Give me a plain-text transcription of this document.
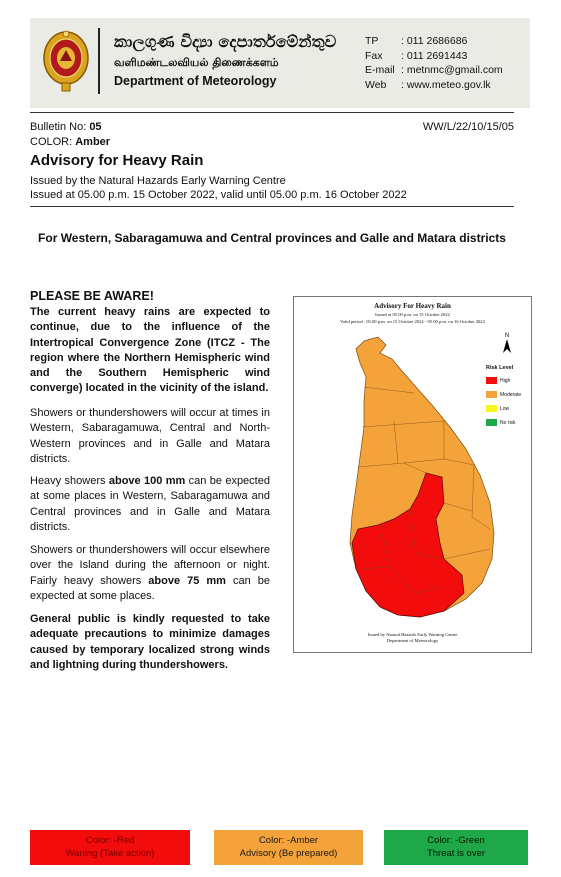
කාලගුණ විද්‍යා දෙපාර්තමේන්තුව
வளிமண்டலவியல் திணைக்களம்
Department of Meteorology
TP : 011 2686686
Fax : 011 2691443
E-mail : metnmc@gmail.com
Web : www.meteo.gov.lk
Bulletin No: 05	WW/L/22/10/15/05
COLOR: Amber
Advisory for Heavy Rain
Issued by the Natural Hazards Early Warning Centre
Issued at 05.00 p.m. 15 October 2022, valid until 05.00 p.m. 16 October 2022
For Western, Sabaragamuwa and Central provinces and Galle and Matara districts
PLEASE BE AWARE!
The current heavy rains are expected to continue, due to the influence of the Intertropical Convergence Zone (ITCZ - The region where the Northern Hemispheric wind and the Southern Hemispheric wind converge) located in the vicinity of the island.
Showers or thundershowers will occur at times in Western, Sabaragamuwa, Central and North-Western provinces and in Galle and Matara districts.
Heavy showers above 100 mm can be expected at some places in Western, Sabaragamuwa and Central provinces and in Galle and Matara districts.
Showers or thundershowers will occur elsewhere over the Island during the afternoon or night. Fairly heavy showers above 75 mm can be expected at some places.
General public is kindly requested to take adequate precautions to minimize damages caused by temporary localized strong winds and lightning during thundershowers.
Advisory For Heavy Rain
Issued at 05.00 p.m. on 15 October 2022
Valid period : 05.00 p.m. on 15 October 2022 - 05.00 p.m. on 16 October 2022
N
Risk Level
High
Moderate
Low
No risk
Issued by Natural Hazards Early Warning Centre
Department of Meteorology
Color: -Red
Waning (Take action)
Color: -Amber
Advisory (Be prepared)
Color: -Green
Threat is over
